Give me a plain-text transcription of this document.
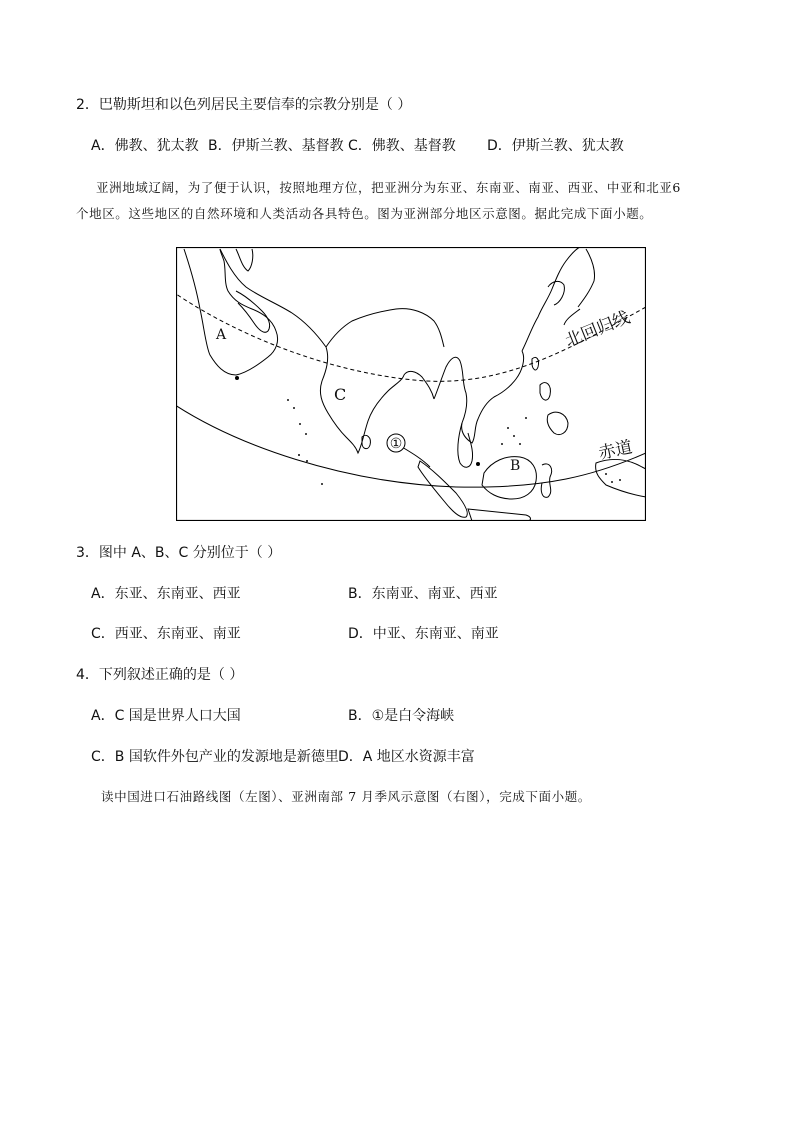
2．巴勒斯坦和以色列居民主要信奉的宗教分别是（ ）
A．佛教、犹太教 B．伊斯兰教、基督教 C．佛教、基督教 D．伊斯兰教、犹太教
亚洲地域辽阔，为了便于认识，按照地理方位，把亚洲分为东亚、东南亚、南亚、西亚、中亚和北亚6
个地区。这些地区的自然环境和人类活动各具特色。图为亚洲部分地区示意图。据此完成下面小题。
A
B
C
①
北回归线
赤道
3．图中 A、B、C 分别位于（ ）
A．东亚、东南亚、西亚	B．东南亚、南亚、西亚
C．西亚、东南亚、南亚	D．中亚、东南亚、南亚
4．下列叙述正确的是（ ）
A．C 国是世界人口大国	B．①是白令海峡
C．B 国软件外包产业的发源地是新德里 D．A 地区水资源丰富
读中国进口石油路线图（左图）、亚洲南部 7 月季风示意图（右图），完成下面小题。
